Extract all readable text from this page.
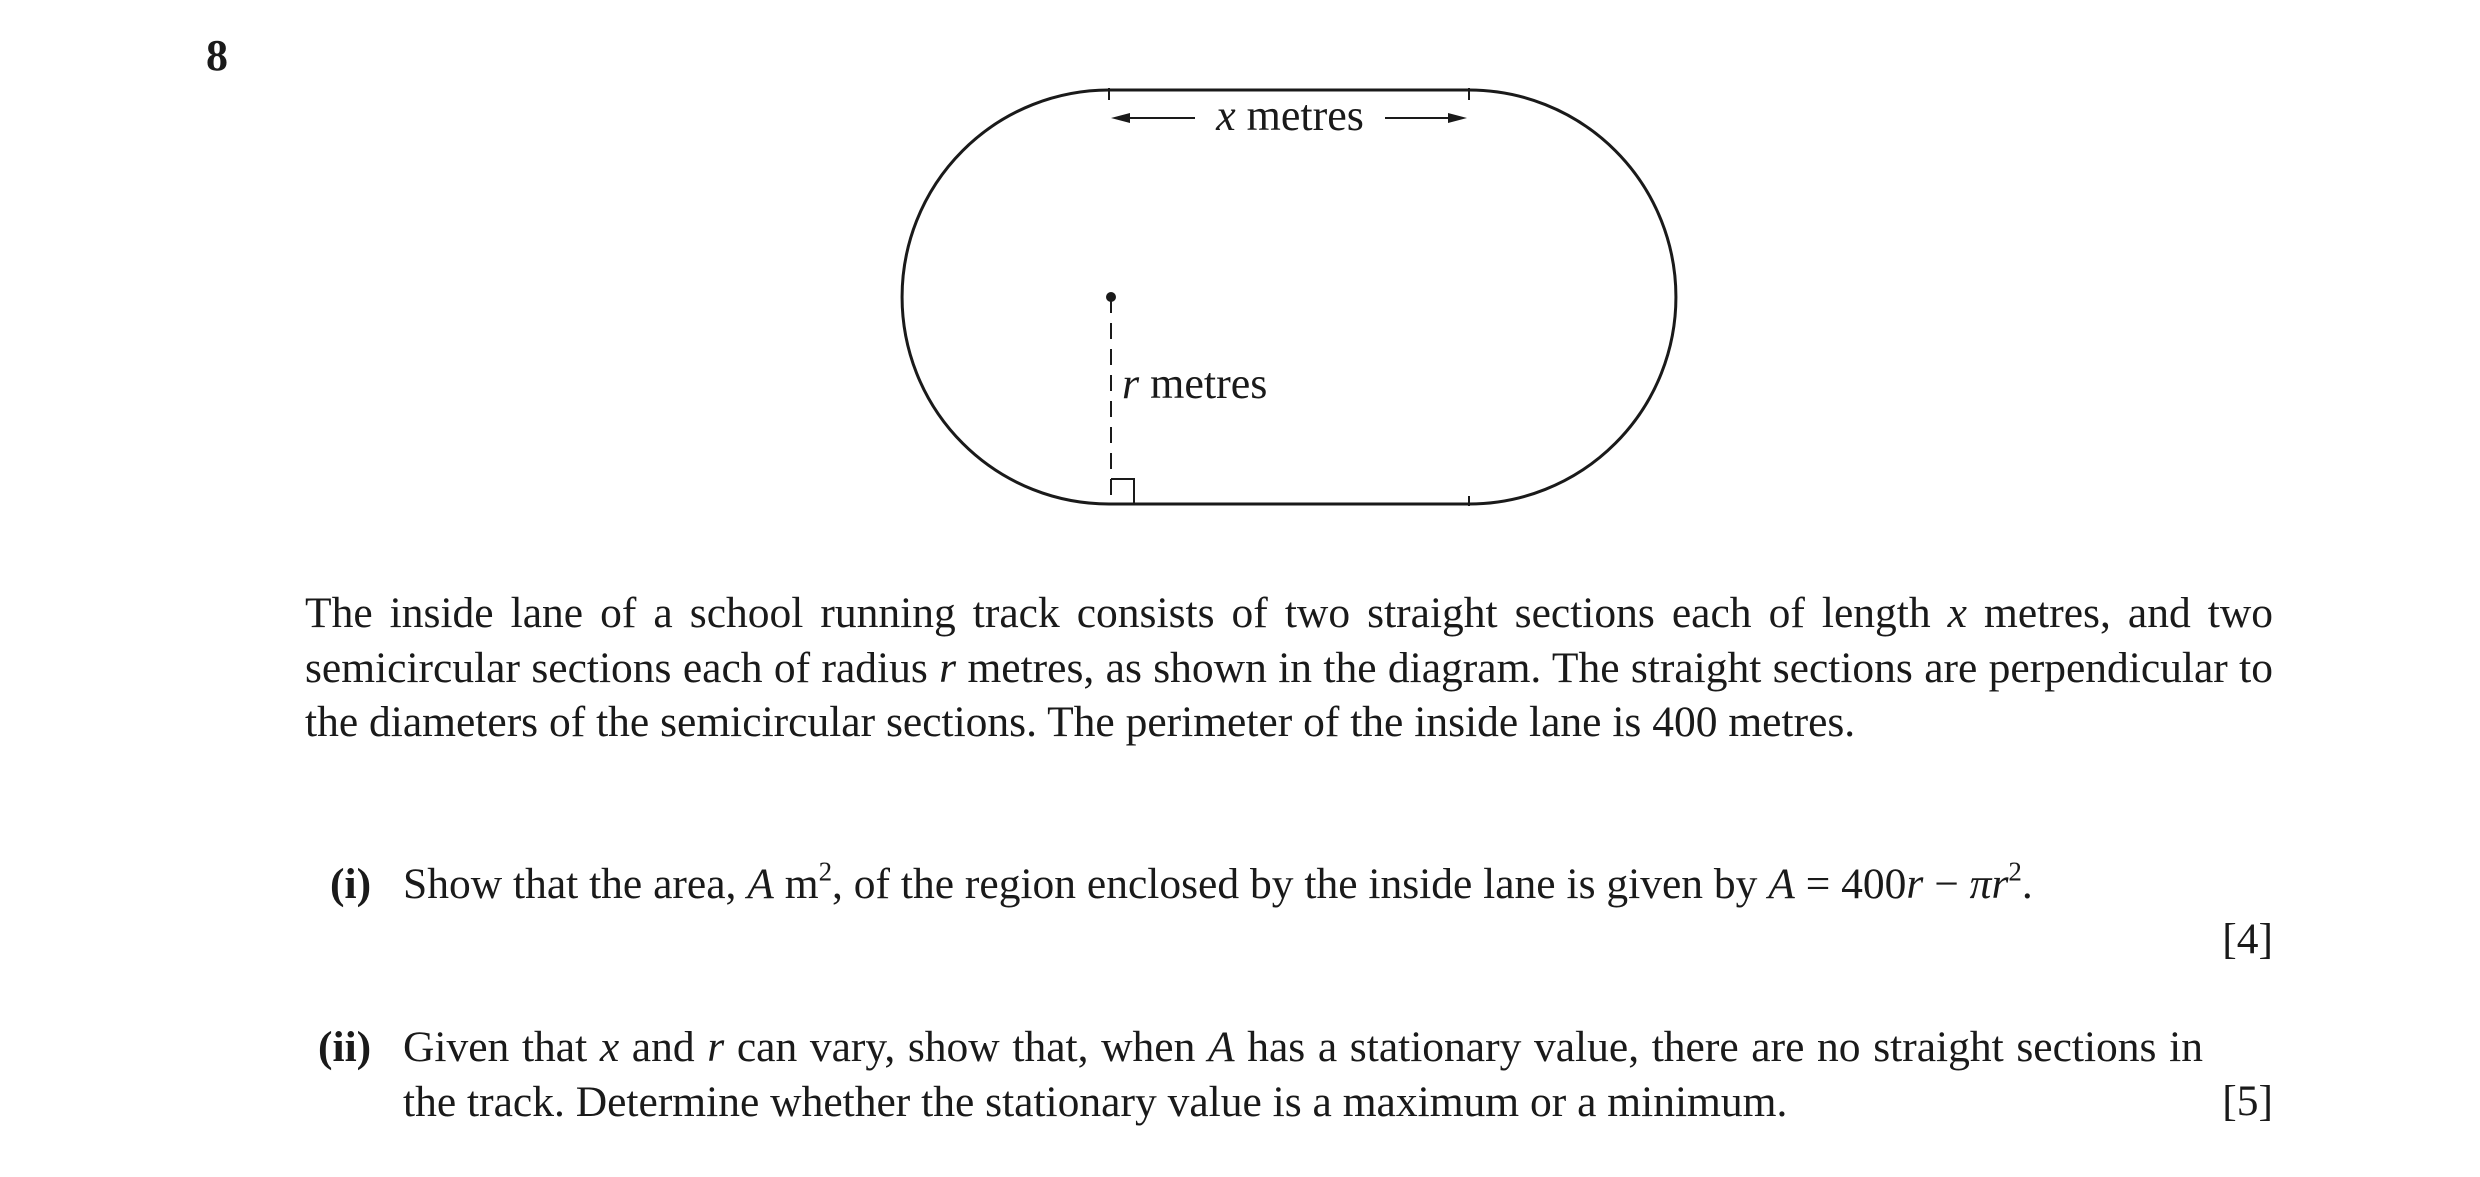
8
x metres
r metres

The inside lane of a school running track consists of two straight sections each of length x metres, and two semicircular sections each of radius r metres, as shown in the diagram. The straight sections are perpendicular to the diameters of the semicircular sections. The perimeter of the inside lane is 400 metres.

(i) Show that the area, A $m^2$, of the region enclosed by the inside lane is given by $A = 400r - \pi r^2$.
[4]
(ii) Given that x and r can vary, show that, when A has a stationary value, there are no straight sections in the track. Determine whether the stationary value is a maximum or a minimum.	[5]
